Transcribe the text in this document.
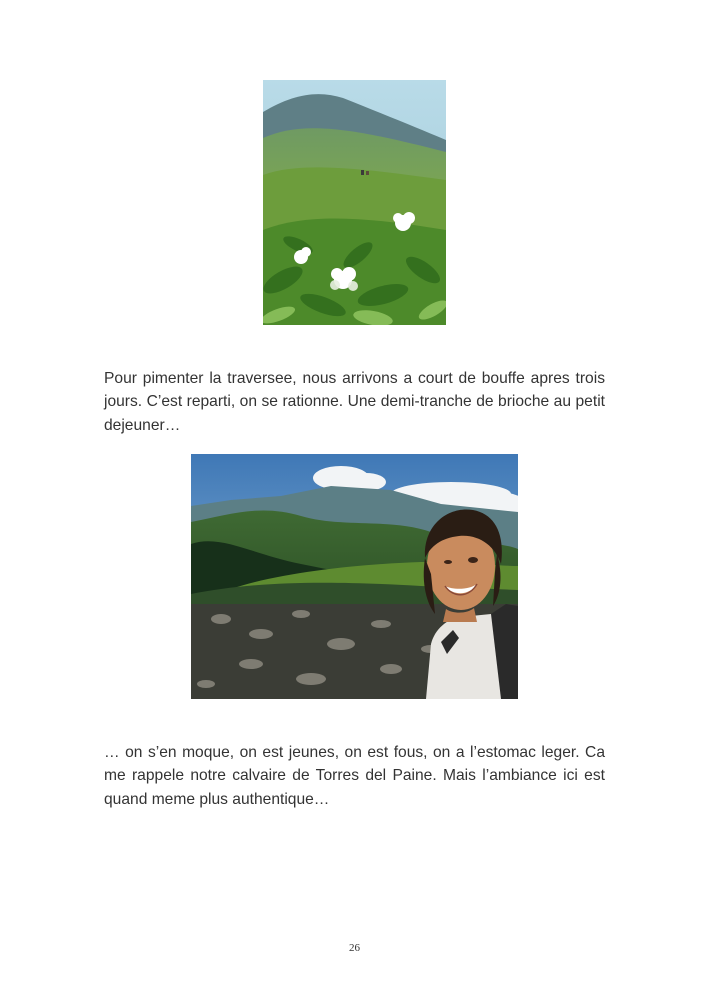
Pour pimenter la traversee, nous arrivons a court de bouffe apres trois jours. C’est reparti, on se rationne. Une demi-tranche de brioche au petit dejeuner…

… on s’en moque, on est jeunes, on est fous, on a l’estomac leger. Ca me rappele notre calvaire de Torres del Paine. Mais l’ambiance ici est quand meme plus authentique…

26
